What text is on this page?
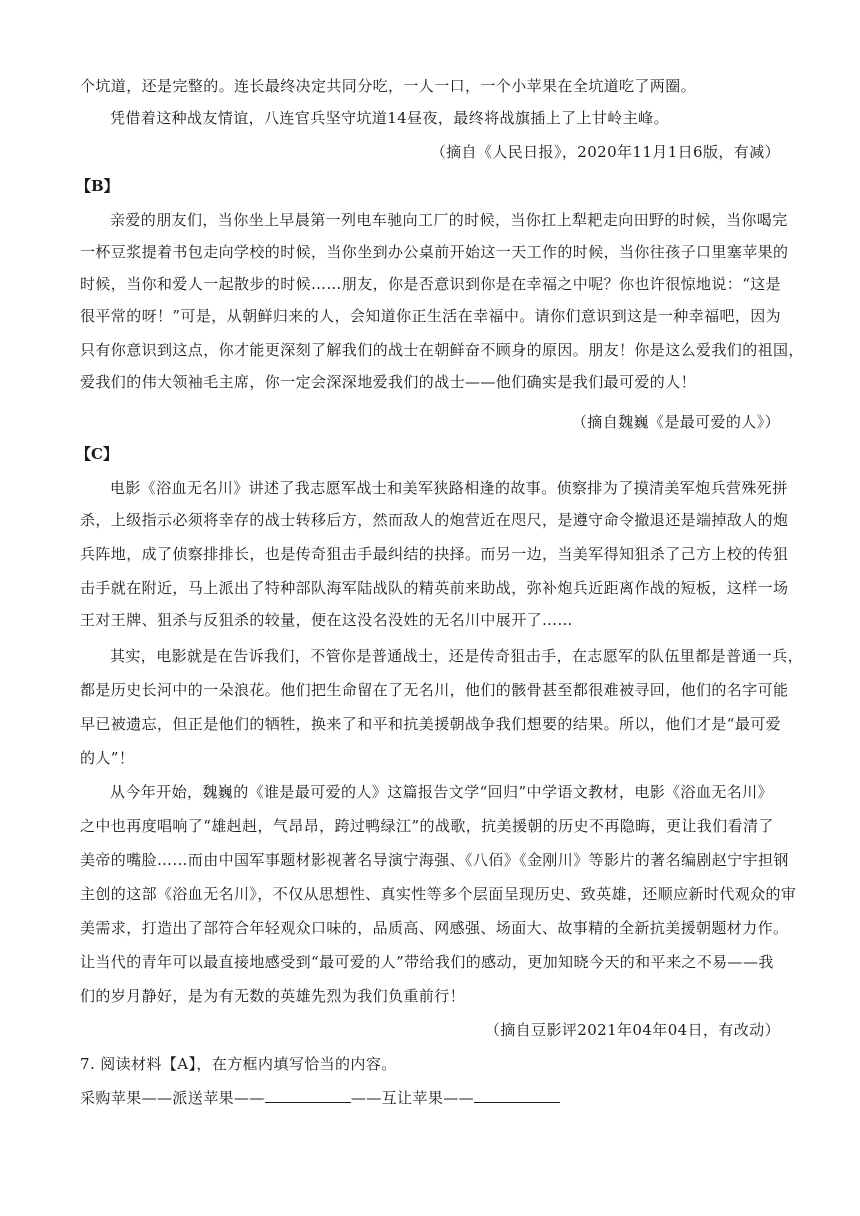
个坑道，还是完整的。连长最终决定共同分吃，一人一口，一个小苹果在全坑道吃了两圈。
凭借着这种战友情谊，八连官兵坚守坑道14昼夜，最终将战旗插上了上甘岭主峰。
（摘自《人民日报》，2020年11月1日6版，有减）
【B】
亲爱的朋友们，当你坐上早晨第一列电车驰向工厂的时候，当你扛上犁耙走向田野的时候，当你喝完
一杯豆浆提着书包走向学校的时候，当你坐到办公桌前开始这一天工作的时候，当你往孩子口里塞苹果的
时候，当你和爱人一起散步的时候……朋友，你是否意识到你是在幸福之中呢？你也许很惊地说：“这是
很平常的呀！”可是，从朝鲜归来的人，会知道你正生活在幸福中。请你们意识到这是一种幸福吧，因为
只有你意识到这点，你才能更深刻了解我们的战士在朝鲜奋不顾身的原因。朋友！你是这么爱我们的祖国，
爱我们的伟大领袖毛主席，你一定会深深地爱我们的战士——他们确实是我们最可爱的人！
（摘自魏巍《是最可爱的人》）
【C】
电影《浴血无名川》讲述了我志愿军战士和美军狭路相逢的故事。侦察排为了摸清美军炮兵营殊死拼
杀，上级指示必须将幸存的战士转移后方，然而敌人的炮营近在咫尺，是遵守命令撤退还是端掉敌人的炮
兵阵地，成了侦察排排长，也是传奇狙击手最纠结的抉择。而另一边，当美军得知狙杀了己方上校的传狙
击手就在附近，马上派出了特种部队海军陆战队的精英前来助战，弥补炮兵近距离作战的短板，这样一场
王对王牌、狙杀与反狙杀的较量，便在这没名没姓的无名川中展开了……
其实，电影就是在告诉我们，不管你是普通战士，还是传奇狙击手，在志愿军的队伍里都是普通一兵，
都是历史长河中的一朵浪花。他们把生命留在了无名川，他们的骸骨甚至都很难被寻回，他们的名字可能
早已被遗忘，但正是他们的牺牲，换来了和平和抗美援朝战争我们想要的结果。所以，他们才是“最可爱
的人”！
从今年开始，魏巍的《谁是最可爱的人》这篇报告文学“回归”中学语文教材，电影《浴血无名川》
之中也再度唱响了“雄赳赳，气昂昂，跨过鸭绿江”的战歌，抗美援朝的历史不再隐晦，更让我们看清了
美帝的嘴脸……而由中国军事题材影视著名导演宁海强、《八佰》《金刚川》等影片的著名编剧赵宁宇担钢
主创的这部《浴血无名川》，不仅从思想性、真实性等多个层面呈现历史、致英雄，还顺应新时代观众的审
美需求，打造出了部符合年轻观众口味的，品质高、网感强、场面大、故事精的全新抗美援朝题材力作。
让当代的青年可以最直接地感受到“最可爱的人”带给我们的感动，更加知晓今天的和平来之不易——我
们的岁月静好，是为有无数的英雄先烈为我们负重前行！
（摘自豆影评2021年04年04日，有改动）
7. 阅读材料【A】，在方框内填写恰当的内容。
采购苹果——派送苹果——	——互让苹果——
